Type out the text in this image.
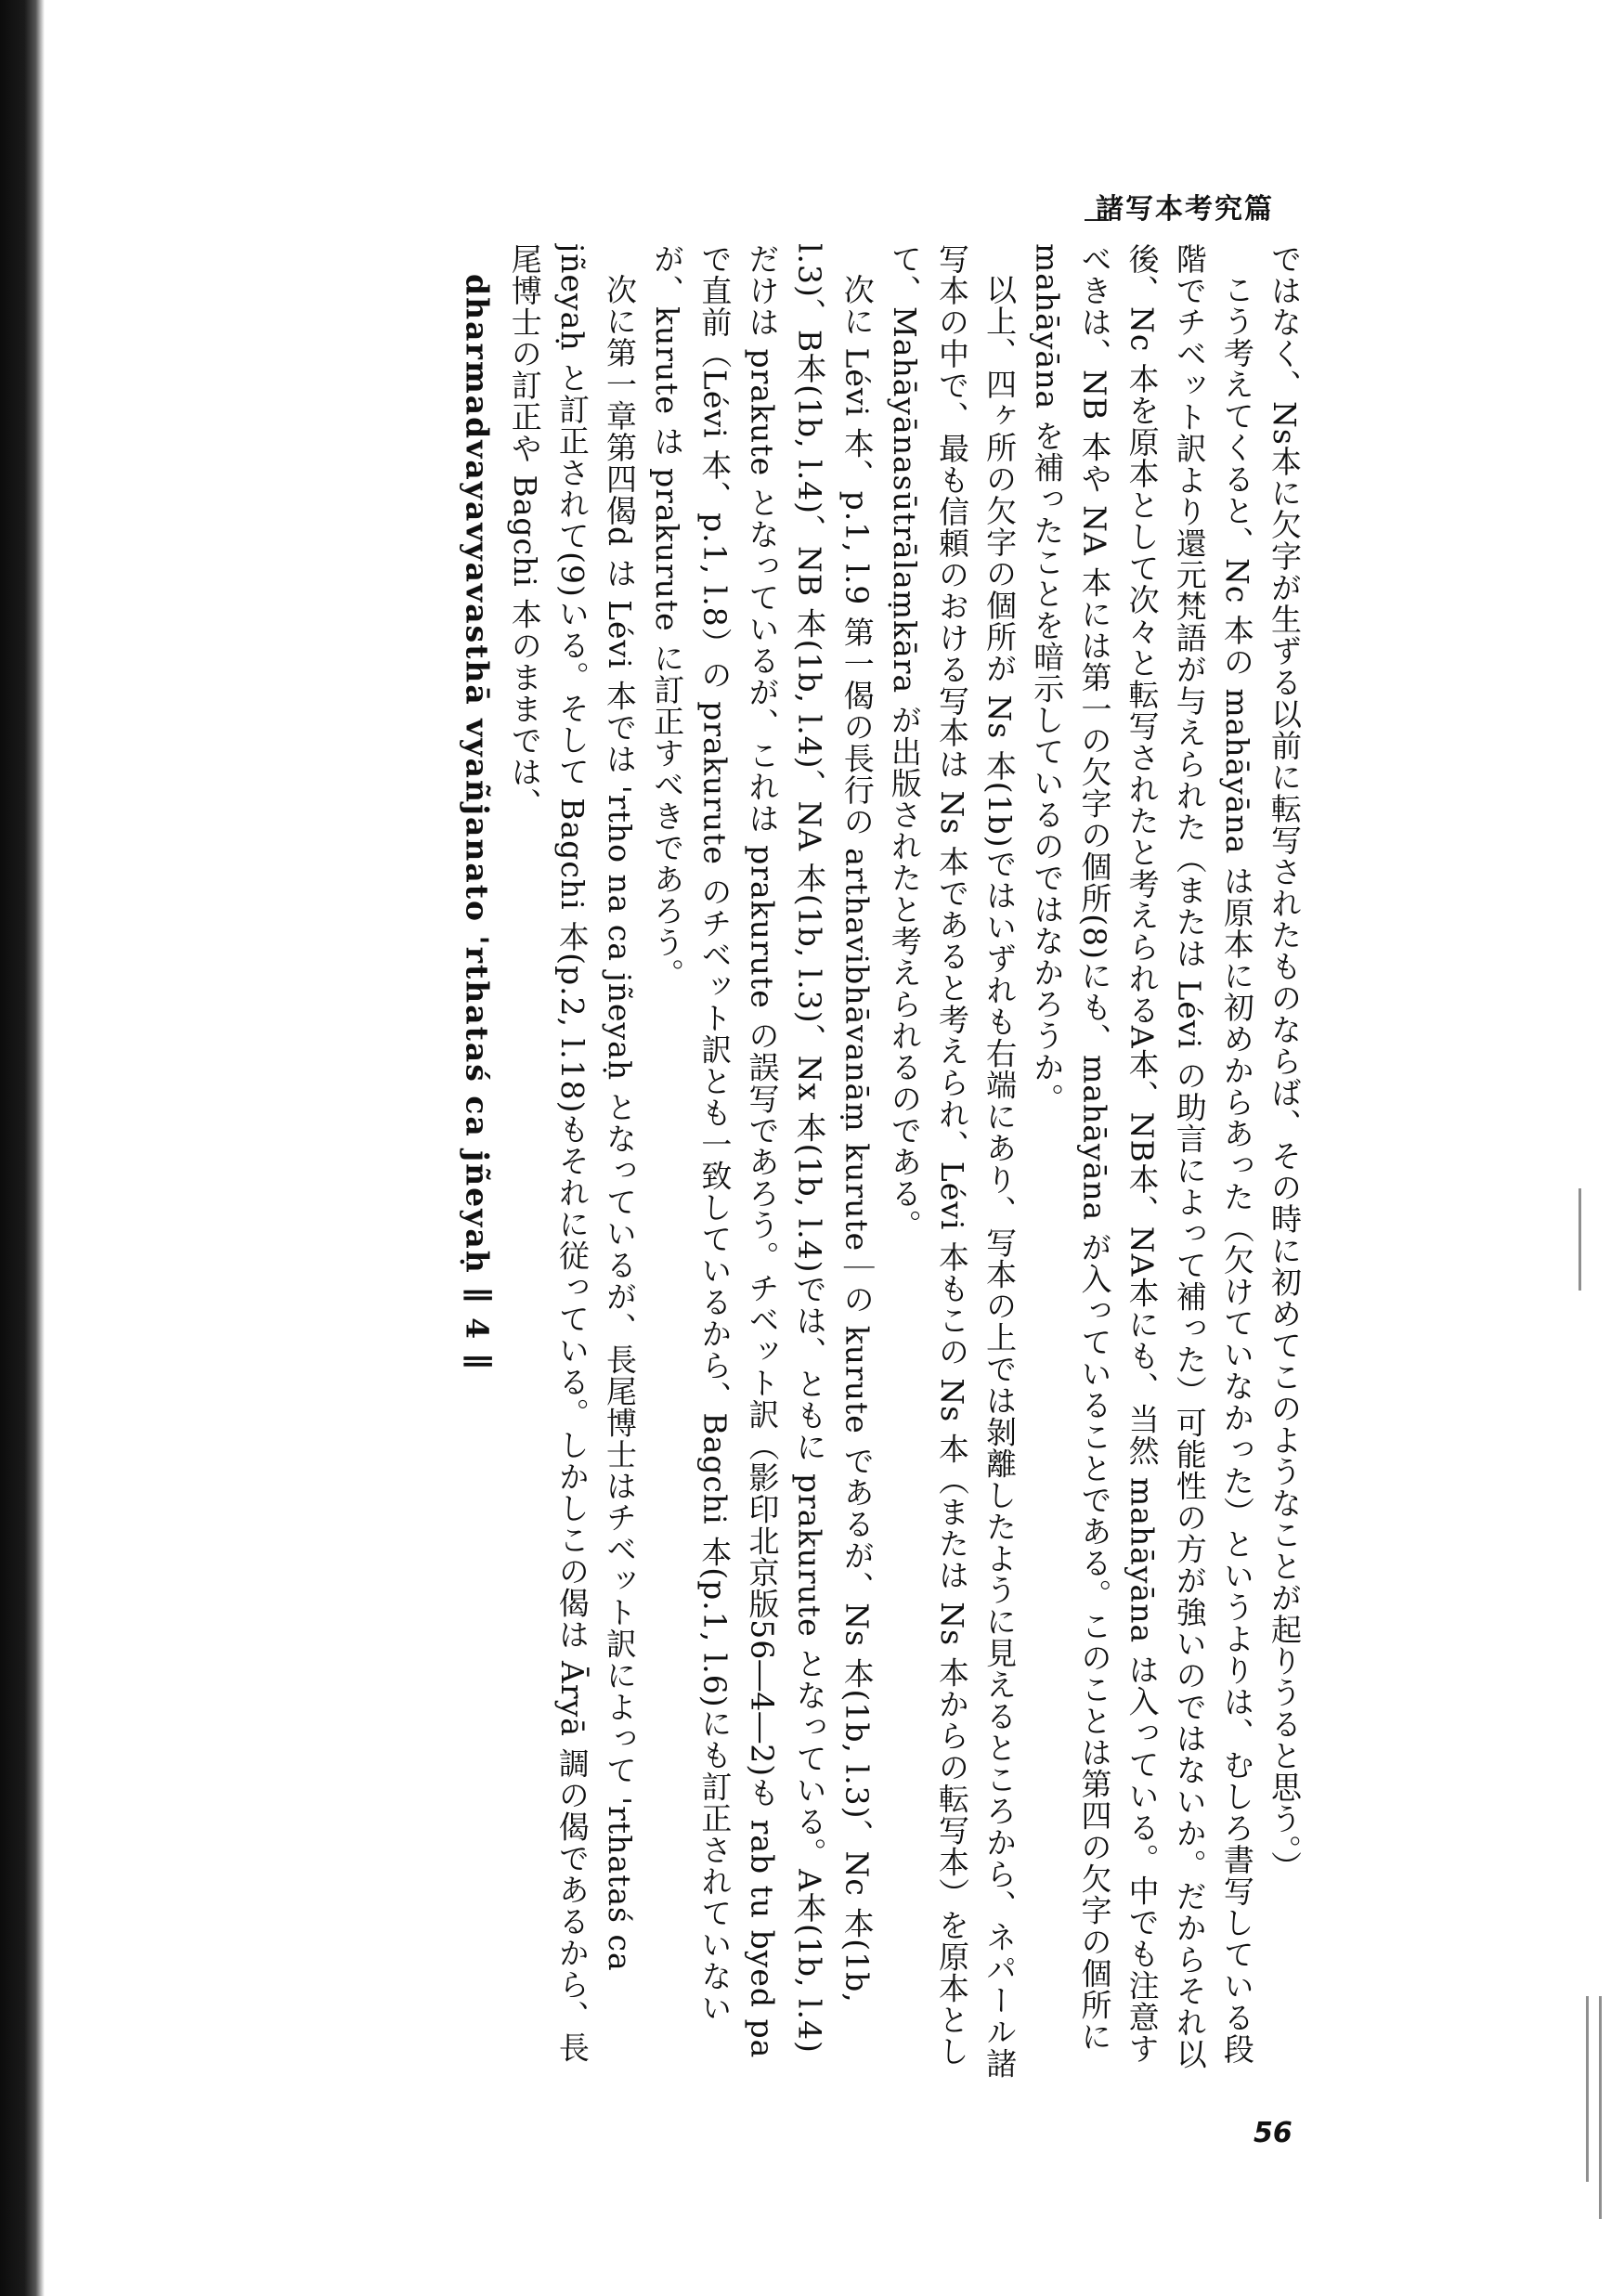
諸写本考究篇

ではなく、Ns本に欠字が生ずる以前に転写されたものならば、その時に初めてこのようなことが起りうると思う。）

こう考えてくると、Nc 本の mahāyāna は原本に初めからあった（欠けていなかった）というよりは、むしろ書写している段階でチベット訳より還元梵語が与えられた（または Lévi の助言によって補った）可能性の方が強いのではないか。だからそれ以後、Nc 本を原本として次々と転写されたと考えられるA本、NB本、NA本にも、当然 mahāyāna は入っている。中でも注意すべきは、NB 本や NA 本には第一の欠字の個所(8)にも、mahāyāna が入っていることである。このことは第四の欠字の個所に mahāyāna を補ったことを暗示しているのではなかろうか。

以上、四ヶ所の欠字の個所が Ns 本(1b)ではいずれも右端にあり、写本の上では剝離したように見えるところから、ネパール諸写本の中で、最も信頼のおける写本は Ns 本であると考えられ、Lévi 本もこの Ns 本（または Ns 本からの転写本）を原本として、Mahāyānasūtrālaṃkāra が出版されたと考えられるのである。

次に Lévi 本、p.1, l.9 第一偈の長行の arthavibhāvanāṃ kurute｜の kurute であるが、Ns 本(1b, l.3)、Nc 本(1b, l.3)、B本(1b, l.4)、NB 本(1b, l.4)、NA 本(1b, l.3)、Nx 本(1b, l.4)では、ともに prakurute となっている。A本(1b, l.4)だけは prakute となっているが、これは prakurute の誤写であろう。チベット訳（影印北京版56―4―2)も rab tu byed pa で直前（Lévi 本、p.1, l.8）の prakurute のチベット訳とも一致しているから、Bagchi 本(p.1, l.6)にも訂正されていないが、kurute は prakurute に訂正すべきであろう。

次に第一章第四偈d は Lévi 本では 'rtho na ca jñeyaḥ となっているが、長尾博士はチベット訳によって 'rthataś ca jñeyaḥ と訂正されて(9)いる。そして Bagchi 本(p.2, l.18)もそれに従っている。しかしこの偈は Āryā 調の偈であるから、長尾博士の訂正や Bagchi 本のままでは、

dharmadvayavyavasthā vyañjanato 'rthataś ca jñeyaḥ ∥ 4 ∥

56
